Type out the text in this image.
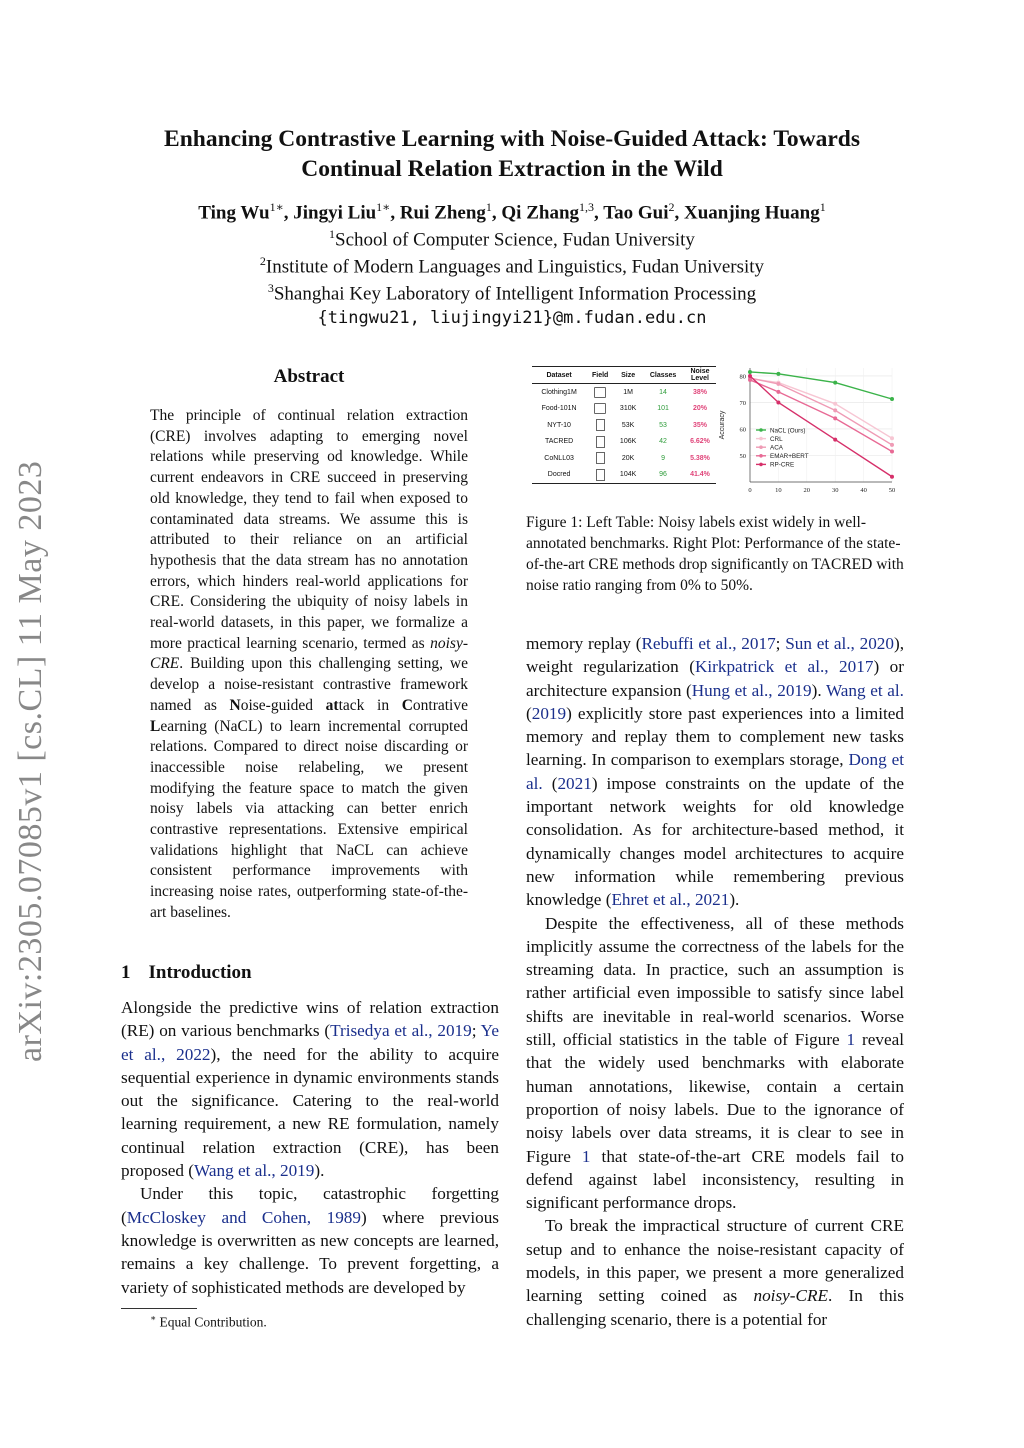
Enhancing Contrastive Learning with Noise-Guided Attack: Towards
Continual Relation Extraction in the Wild
Ting $Wu^{1∗}$, Jingyi Liu$^{1∗}$, Rui Zheng$^1$, Qi Zhang$^{1,3}$, Tao Gui$^2$, Xuanjing Huang$^1$
$^1$School of Computer Science, Fudan University
$^2$Institute of Modern Languages and Linguistics, Fudan University
$^3$Shanghai Key Laboratory of Intelligent Information Processing
{tingwu21, liujingyi21}@m.fudan.edu.cn
arXiv:2305.07085v1 [cs.CL] 11 May 2023
Abstract
The principle of continual relation extraction (CRE) involves adapting to emerging novel relations while preserving od knowledge. While current endeavors in CRE succeed in preserving old knowledge, they tend to fail when exposed to contaminated data streams. We assume this is attributed to their reliance on an artificial hypothesis that the data stream has no annotation errors, which hinders real-world applications for CRE. Considering the ubiquity of noisy labels in real-world datasets, in this paper, we formalize a more practical learning scenario, termed as noisy-CRE. Building upon this challenging setting, we develop a noise-resistant contrastive framework named as Noise-guided attack in Contrative Learning (NaCL) to learn incremental corrupted relations. Compared to direct noise discarding or inaccessible noise relabeling, we present modifying the feature space to match the given noisy labels via attacking can better enrich contrastive representations. Extensive empirical validations highlight that NaCL can achieve consistent performance improvements with increasing noise rates, outperforming state-of-the-art baselines.
1 Introduction

Alongside the predictive wins of relation extraction (RE) on various benchmarks (Trisedya et al., 2019; Ye et al., 2022), the need for the ability to acquire sequential experience in dynamic environments stands out the significance. Catering to the real-world learning requirement, a new RE formulation, namely continual relation extraction (CRE), has been proposed (Wang et al., 2019).

Under this topic, catastrophic forgetting (McCloskey and Cohen, 1989) where previous knowledge is overwritten as new concepts are learned, remains a key challenge. To prevent forgetting, a variety of sophisticated methods are developed by

∗ Equal Contribution.
Dataset	Field	Size	Classes	Noise Level
Clothing1M		1M	14	38%
Food-101N		310K	101	20%
NYT-10		53K	53	35%
TACRED		106K	42	6.62%
CoNLL03		20K	9	5.38%
Docred		104K	96	41.4%
50
60
70
80
0	10	20	30	40	50
Accuracy	NaCL (Ours)
CRL
ACA
EMAR+BERT
RP-CRE
Figure 1: Left Table: Noisy labels exist widely in well-annotated benchmarks. Right Plot: Performance of the state-of-the-art CRE methods drop significantly on TACRED with noise ratio ranging from 0% to 50%.

memory replay (Rebuffi et al., 2017; Sun et al., 2020), weight regularization (Kirkpatrick et al., 2017) or architecture expansion (Hung et al., 2019). Wang et al. (2019) explicitly store past experiences into a limited memory and replay them to complement new tasks learning. In comparison to exemplars storage, Dong et al. (2021) impose constraints on the update of the important network weights for old knowledge consolidation. As for architecture-based method, it dynamically changes model architectures to acquire new information while remembering previous knowledge (Ehret et al., 2021).

Despite the effectiveness, all of these methods implicitly assume the correctness of the labels for the streaming data. In practice, such an assumption is rather artificial even impossible to satisfy since label shifts are inevitable in real-world scenarios. Worse still, official statistics in the table of Figure 1 reveal that the widely used benchmarks with elaborate human annotations, likewise, contain a certain proportion of noisy labels. Due to the ignorance of noisy labels over data streams, it is clear to see in Figure 1 that state-of-the-art CRE models fail to defend against label inconsistency, resulting in significant performance drops.

To break the impractical structure of current CRE setup and to enhance the noise-resistant capacity of models, in this paper, we present a more generalized learning setting coined as noisy-CRE. In this challenging scenario, there is a potential for
